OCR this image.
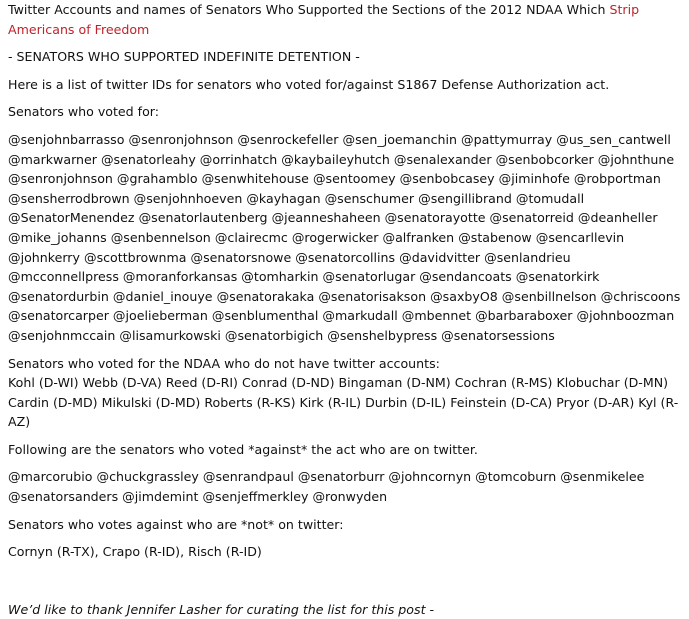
Twitter Accounts and names of Senators Who Supported the Sections of the 2012 NDAA Which Strip Americans of Freedom

- SENATORS WHO SUPPORTED INDEFINITE DETENTION -

Here is a list of twitter IDs for senators who voted for/against S1867 Defense Authorization act.

Senators who voted for:

@senjohnbarrasso @senronjohnson @senrockefeller @sen_joemanchin @pattymurray @us_sen_cantwell @markwarner @senatorleahy @orrinhatch @kaybaileyhutch @senalexander @senbobcorker @johnthune @senronjohnson @grahamblo @senwhitehouse @sentoomey @senbobcasey @jiminhofe @robportman @sensherrodbrown @senjohnhoeven @kayhagan @senschumer @sengillibrand @tomudall @SenatorMenendez @senatorlautenberg @jeanneshaheen @senatorayotte @senatorreid @deanheller @mike_johanns @senbennelson @clairecmc @rogerwicker @alfranken @stabenow @sencarllevin @johnkerry @scottbrownma @senatorsnowe @senatorcollins @davidvitter @senlandrieu @mcconnellpress @moranforkansas @tomharkin @senatorlugar @sendancoats @senatorkirk @senatordurbin @daniel_inouye @senatorakaka @senatorisakson @saxbyO8 @senbillnelson @chriscoons @senatorcarper @joelieberman @senblumenthal @markudall @mbennet @barbaraboxer @johnboozman @senjohnmccain @lisamurkowski @senatorbigich @senshelbypress @senatorsessions

Senators who voted for the NDAA who do not have twitter accounts:

Kohl (D-WI) Webb (D-VA) Reed (D-RI) Conrad (D-ND) Bingaman (D-NM) Cochran (R-MS) Klobuchar (D-MN) Cardin (D-MD) Mikulski (D-MD) Roberts (R-KS) Kirk (R-IL) Durbin (D-IL) Feinstein (D-CA) Pryor (D-AR) Kyl (R-AZ)

Following are the senators who voted *against* the act who are on twitter.

@marcorubio @chuckgrassley @senrandpaul @senatorburr @johncornyn @tomcoburn @senmikelee @senatorsanders @jimdemint @senjeffmerkley @ronwyden

Senators who votes against who are *not* on twitter:

Cornyn (R-TX), Crapo (R-ID), Risch (R-ID)

We’d like to thank Jennifer Lasher for curating the list for this post -
